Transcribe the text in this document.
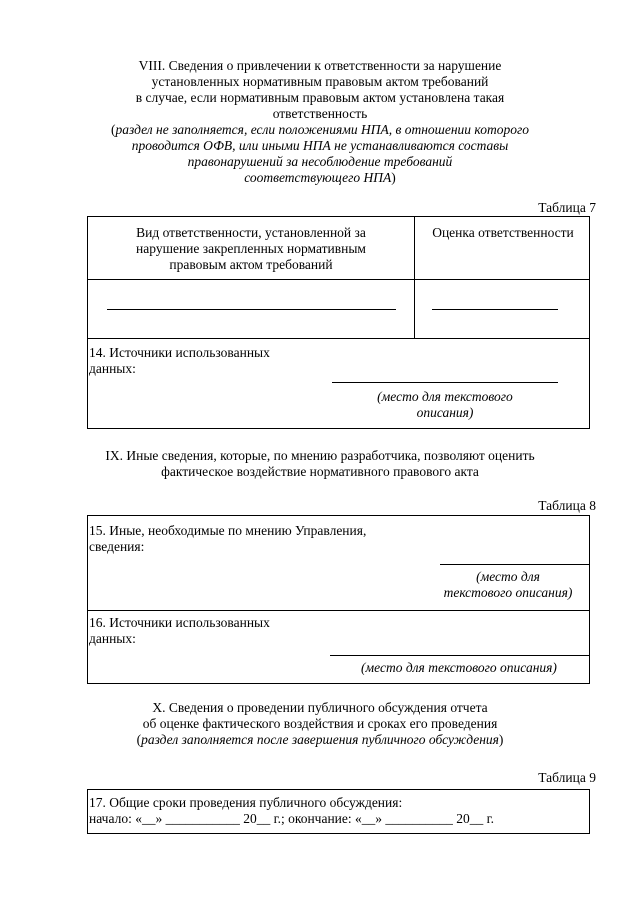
VIII. Сведения о привлечении к ответственности за нарушение
установленных нормативным правовым актом требований
в случае, если нормативным правовым актом установлена такая
ответственность
(раздел не заполняется, если положениями НПА, в отношении которого
проводится ОФВ, или иными НПА не устанавливаются составы
правонарушений за несоблюдение требований
соответствующего НПА)
Таблица 7
Вид ответственности, установленной за
нарушение закрепленных нормативным
правовым актом требований
Оценка ответственности
14. Источники использованных
данных:
(место для текстового
описания)
IX. Иные сведения, которые, по мнению разработчика, позволяют оценить
фактическое воздействие нормативного правового акта
Таблица 8
15. Иные, необходимые по мнению Управления,
сведения:
(место для
текстового описания)
16. Источники использованных
данных:
(место для текстового описания)
X. Сведения о проведении публичного обсуждения отчета
об оценке фактического воздействия и сроках его проведения
(раздел заполняется после завершения публичного обсуждения)
Таблица 9
17. Общие сроки проведения публичного обсуждения:
начало: «__» ___________ 20__ г.; окончание: «__» __________ 20__ г.
